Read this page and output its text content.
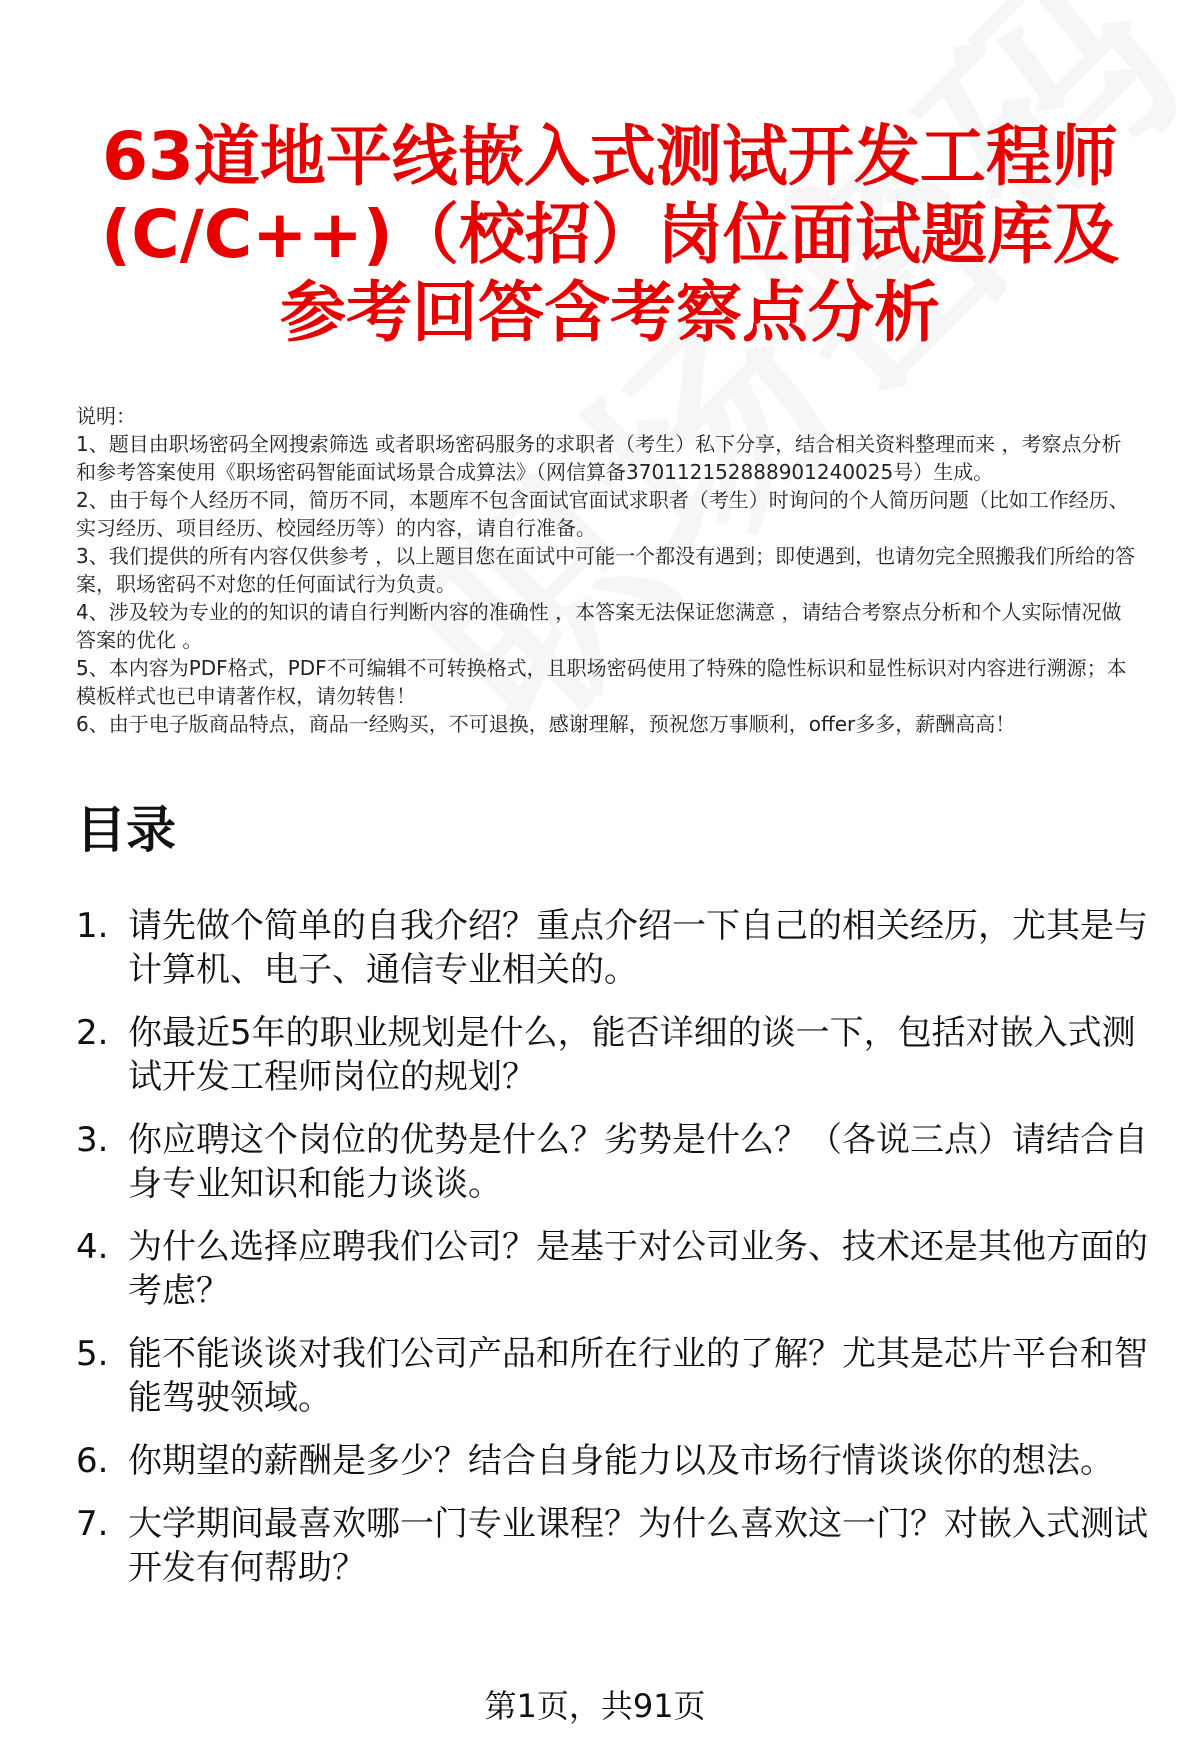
63道地平线嵌入式测试开发工程师(C/C++)（校招）岗位面试题库及参考回答含考察点分析

说明：

1、题目由职场密码全网搜索筛选 或者职场密码服务的求职者（考生）私下分享，结合相关资料整理而来 ，考察点分析和参考答案使用《职场密码智能面试场景合成算法》（网信算备370112152888901240025号）生成。

2、由于每个人经历不同，简历不同，本题库不包含面试官面试求职者（考生）时询问的个人简历问题（比如工作经历、实习经历、项目经历、校园经历等）的内容，请自行准备。

3、我们提供的所有内容仅供参考 ，以上题目您在面试中可能一个都没有遇到；即使遇到，也请勿完全照搬我们所给的答案，职场密码不对您的任何面试行为负责。

4、涉及较为专业的的知识的请自行判断内容的准确性 ，本答案无法保证您满意 ，请结合考察点分析和个人实际情况做答案的优化 。

5、本内容为PDF格式，PDF不可编辑不可转换格式，且职场密码使用了特殊的隐性标识和显性标识对内容进行溯源；本模板样式也已申请著作权，请勿转售！

6、由于电子版商品特点，商品一经购买，不可退换，感谢理解，预祝您万事顺利，offer多多，薪酬高高！

目录
1. 请先做个简单的自我介绍？重点介绍一下自己的相关经历，尤其是与计算机、电子、通信专业相关的。
2. 你最近5年的职业规划是什么，能否详细的谈一下，包括对嵌入式测试开发工程师岗位的规划？
3. 你应聘这个岗位的优势是什么？劣势是什么？（各说三点）请结合自身专业知识和能力谈谈。
4. 为什么选择应聘我们公司？是基于对公司业务、技术还是其他方面的考虑？
5. 能不能谈谈对我们公司产品和所在行业的了解？尤其是芯片平台和智能驾驶领域。
6. 你期望的薪酬是多少？结合自身能力以及市场行情谈谈你的想法。
7. 大学期间最喜欢哪一门专业课程？为什么喜欢这一门？对嵌入式测试开发有何帮助？
第1页，共91页
